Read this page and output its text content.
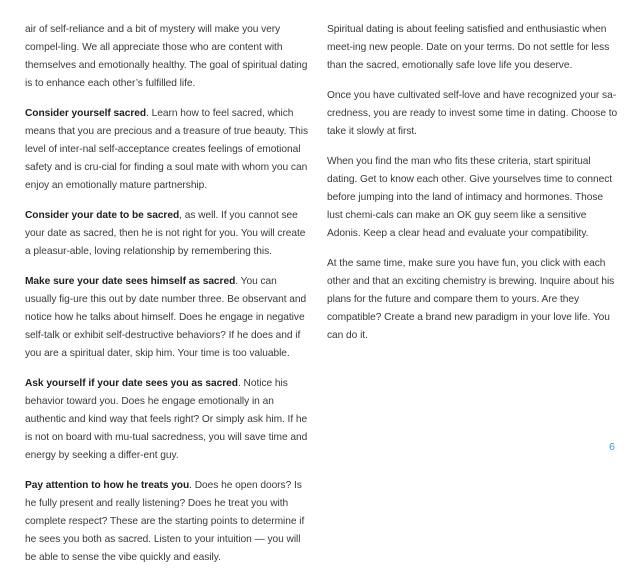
air of self-reliance and a bit of mystery will make you very compel-ling. We all appreciate those who are content with themselves and emotionally healthy. The goal of spiritual dating is to enhance each other’s fulfilled life.

Consider yourself sacred. Learn how to feel sacred, which means that you are precious and a treasure of true beauty. This level of inter-nal self-acceptance creates feelings of emotional safety and is cru-cial for finding a soul mate with whom you can enjoy an emotionally mature partnership.

Consider your date to be sacred, as well. If you cannot see your date as sacred, then he is not right for you. You will create a pleasur-able, loving relationship by remembering this.

Make sure your date sees himself as sacred. You can usually fig-ure this out by date number three. Be observant and notice how he talks about himself. Does he engage in negative self-talk or exhibit self-destructive behaviors? If he does and if you are a spiritual dater, skip him. Your time is too valuable.

Ask yourself if your date sees you as sacred. Notice his behavior toward you. Does he engage emotionally in an authentic and kind way that feels right? Or simply ask him. If he is not on board with mu-tual sacredness, you will save time and energy by seeking a differ-ent guy.

Pay attention to how he treats you. Does he open doors? Is he fully present and really listening? Does he treat you with complete respect? These are the starting points to determine if he sees you both as sacred. Listen to your intuition — you will be able to sense the vibe quickly and easily.

Spiritual dating is about feeling satisfied and enthusiastic when meet-ing new people. Date on your terms. Do not settle for less than the sacred, emotionally safe love life you deserve.

Once you have cultivated self-love and have recognized your sa-credness, you are ready to invest some time in dating. Choose to take it slowly at first.

When you find the man who fits these criteria, start spiritual dating. Get to know each other. Give yourselves time to connect before jumping into the land of intimacy and hormones. Those lust chemi-cals can make an OK guy seem like a sensitive Adonis. Keep a clear head and evaluate your compatibility.

At the same time, make sure you have fun, you click with each other and that an exciting chemistry is brewing. Inquire about his plans for the future and compare them to yours. Are they compatible? Create a brand new paradigm in your love life. You can do it.

6
